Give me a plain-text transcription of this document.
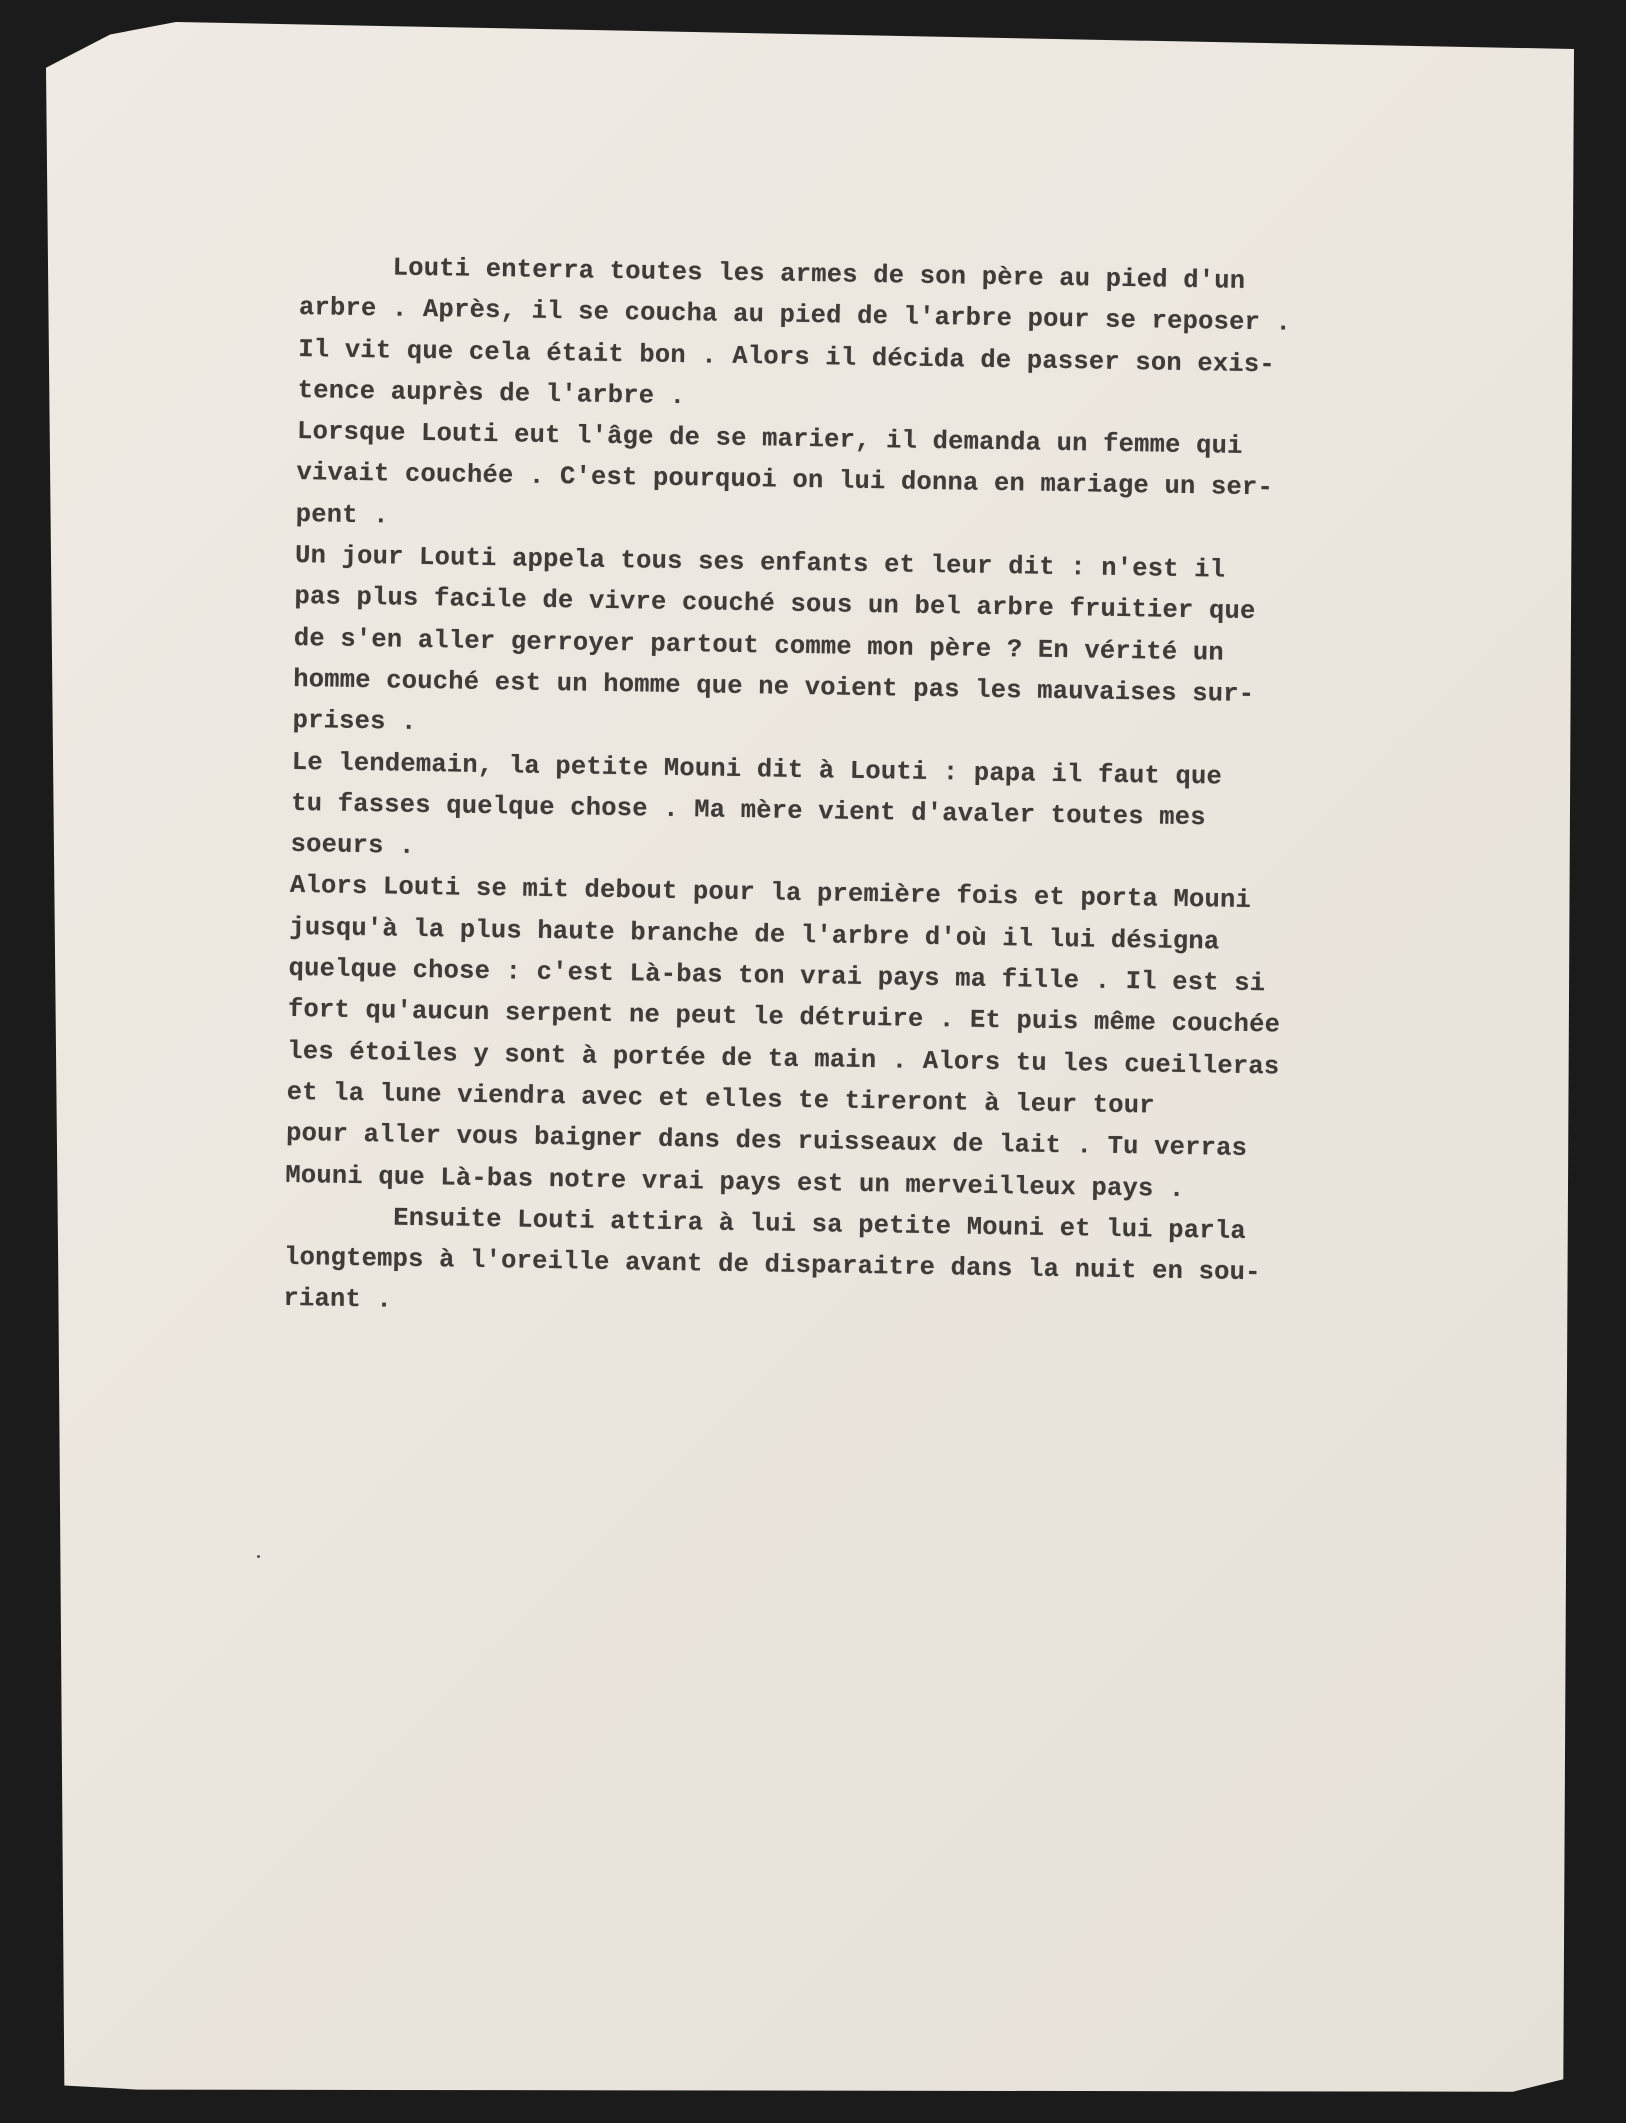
Louti enterra toutes les armes de son père au pied d'un
arbre . Après, il se coucha au pied de l'arbre pour se reposer .
Il vit que cela était bon . Alors il décida de passer son exis-
tence auprès de l'arbre .
Lorsque Louti eut l'âge de se marier, il demanda un femme qui
vivait couchée . C'est pourquoi on lui donna en mariage un ser-
pent .
Un jour Louti appela tous ses enfants et leur dit : n'est il
pas plus facile de vivre couché sous un bel arbre fruitier que
de s'en aller gerroyer partout comme mon père ? En vérité un
homme couché est un homme que ne voient pas les mauvaises sur-
prises .
Le lendemain, la petite Mouni dit à Louti : papa il faut que
tu fasses quelque chose . Ma mère vient d'avaler toutes mes
soeurs .
Alors Louti se mit debout pour la première fois et porta Mouni
jusqu'à la plus haute branche de l'arbre d'où il lui désigna
quelque chose : c'est Là-bas ton vrai pays ma fille . Il est si
fort qu'aucun serpent ne peut le détruire . Et puis même couchée
les étoiles y sont à portée de ta main . Alors tu les cueilleras
et la lune viendra avec et elles te tireront à leur tour
pour aller vous baigner dans des ruisseaux de lait . Tu verras
Mouni que Là-bas notre vrai pays est un merveilleux pays .
Ensuite Louti attira à lui sa petite Mouni et lui parla
longtemps à l'oreille avant de disparaitre dans la nuit en sou-
riant .
